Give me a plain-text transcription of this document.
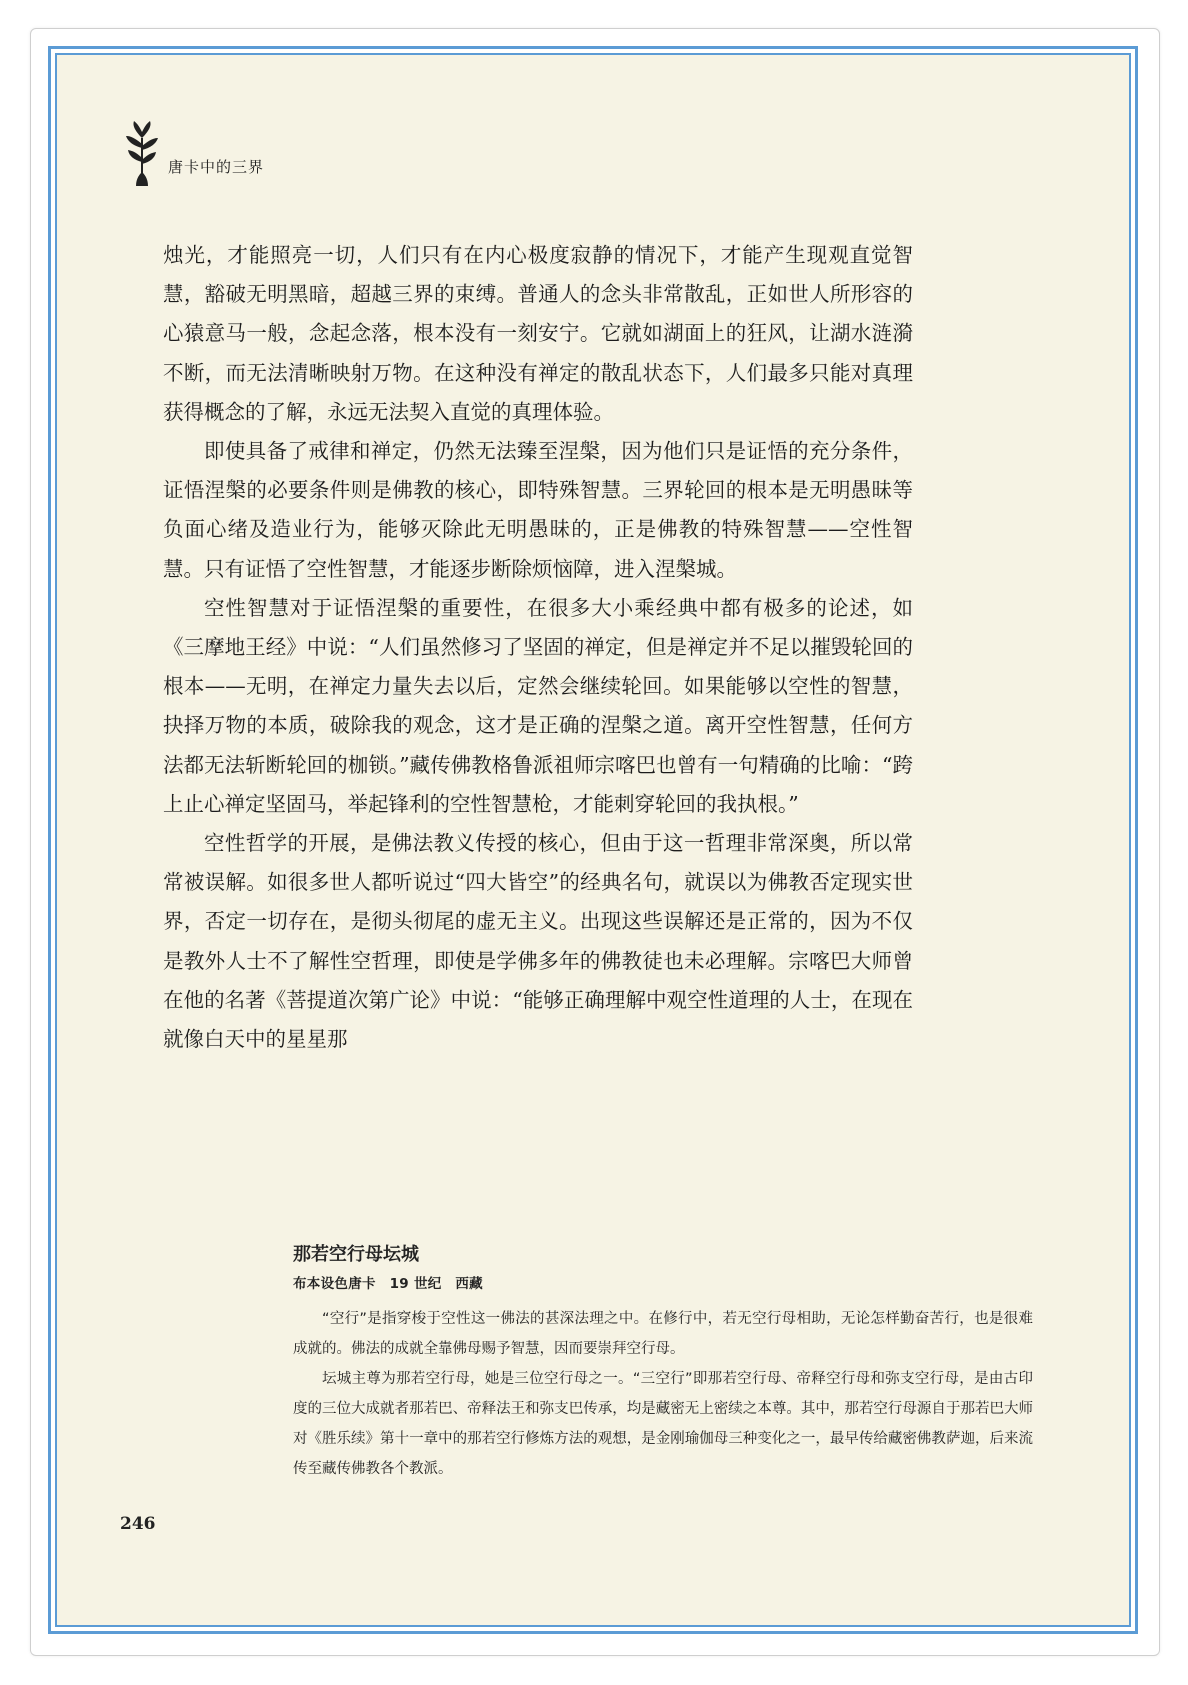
唐卡中的三界

烛光，才能照亮一切，人们只有在内心极度寂静的情况下，才能产生现观直觉智慧，豁破无明黑暗，超越三界的束缚。普通人的念头非常散乱，正如世人所形容的心猿意马一般，念起念落，根本没有一刻安宁。它就如湖面上的狂风，让湖水涟漪不断，而无法清晰映射万物。在这种没有禅定的散乱状态下，人们最多只能对真理获得概念的了解，永远无法契入直觉的真理体验。

即使具备了戒律和禅定，仍然无法臻至涅槃，因为他们只是证悟的充分条件，证悟涅槃的必要条件则是佛教的核心，即特殊智慧。三界轮回的根本是无明愚昧等负面心绪及造业行为，能够灭除此无明愚昧的，正是佛教的特殊智慧——空性智慧。只有证悟了空性智慧，才能逐步断除烦恼障，进入涅槃城。

空性智慧对于证悟涅槃的重要性，在很多大小乘经典中都有极多的论述，如《三摩地王经》中说：“人们虽然修习了坚固的禅定，但是禅定并不足以摧毁轮回的根本——无明，在禅定力量失去以后，定然会继续轮回。如果能够以空性的智慧，抉择万物的本质，破除我的观念，这才是正确的涅槃之道。离开空性智慧，任何方法都无法斩断轮回的枷锁。”藏传佛教格鲁派祖师宗喀巴也曾有一句精确的比喻：“跨上止心禅定坚固马，举起锋利的空性智慧枪，才能刺穿轮回的我执根。”

空性哲学的开展，是佛法教义传授的核心，但由于这一哲理非常深奥，所以常常被误解。如很多世人都听说过“四大皆空”的经典名句，就误以为佛教否定现实世界，否定一切存在，是彻头彻尾的虚无主义。出现这些误解还是正常的，因为不仅是教外人士不了解性空哲理，即使是学佛多年的佛教徒也未必理解。宗喀巴大师曾在他的名著《菩提道次第广论》中说：“能够正确理解中观空性道理的人士，在现在就像白天中的星星那

那若空行母坛城
布本设色唐卡　19 世纪　西藏

“空行”是指穿梭于空性这一佛法的甚深法理之中。在修行中，若无空行母相助，无论怎样勤奋苦行，也是很难成就的。佛法的成就全靠佛母赐予智慧，因而要崇拜空行母。

坛城主尊为那若空行母，她是三位空行母之一。“三空行”即那若空行母、帝释空行母和弥支空行母，是由古印度的三位大成就者那若巴、帝释法王和弥支巴传承，均是藏密无上密续之本尊。其中，那若空行母源自于那若巴大师对《胜乐续》第十一章中的那若空行修炼方法的观想，是金刚瑜伽母三种变化之一，最早传给藏密佛教萨迦，后来流传至藏传佛教各个教派。

246
